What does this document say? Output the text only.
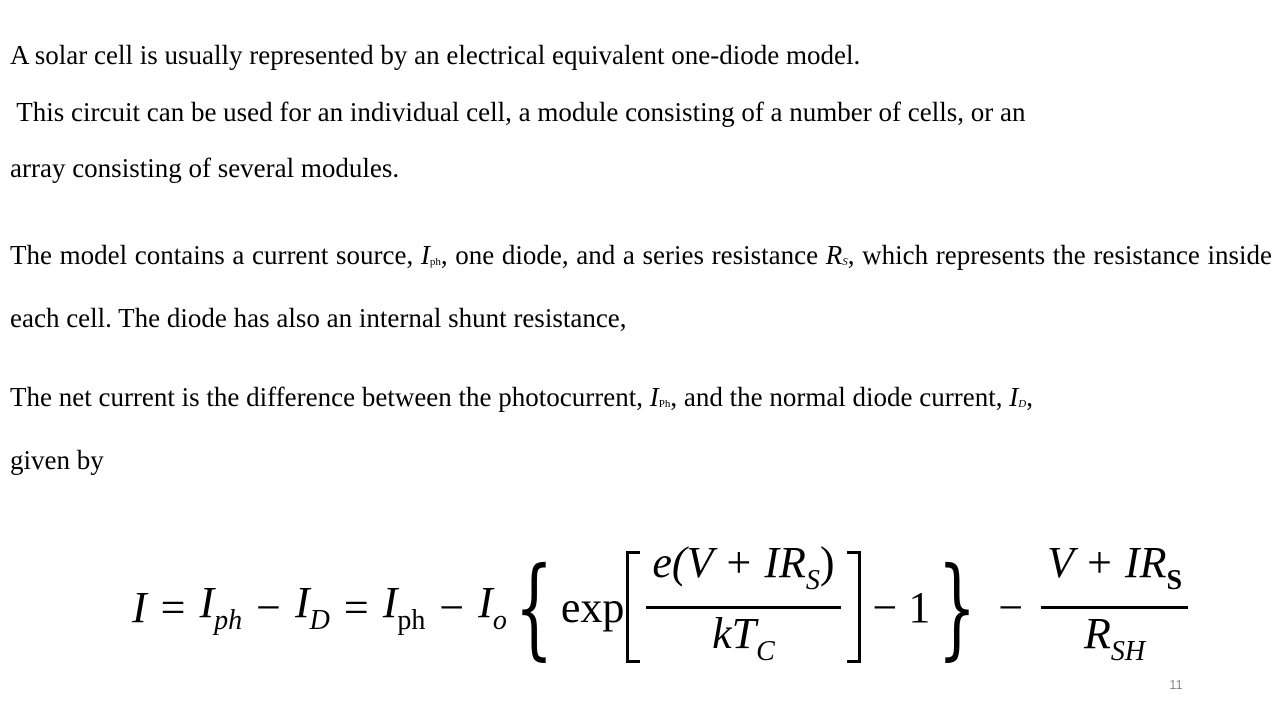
A solar cell is usually represented by an electrical equivalent one-diode model.

This circuit can be used for an individual cell, a module consisting of a number of cells, or an
array consisting of several modules.

The model contains a current source, Iph, one diode, and a series resistance RS, which represents the resistance inside each cell. The diode has also an internal shunt resistance,

The net current is the difference between the photocurrent, IPh, and the normal diode current, ID,
given by

$I = I_{ph} - I_D = I_{ph} - I_o$ { $\exp \frac{e(V + IR_S)}{kT_C} - 1$ } − $\frac{V + IR_S}{R_{SH}}$
11
